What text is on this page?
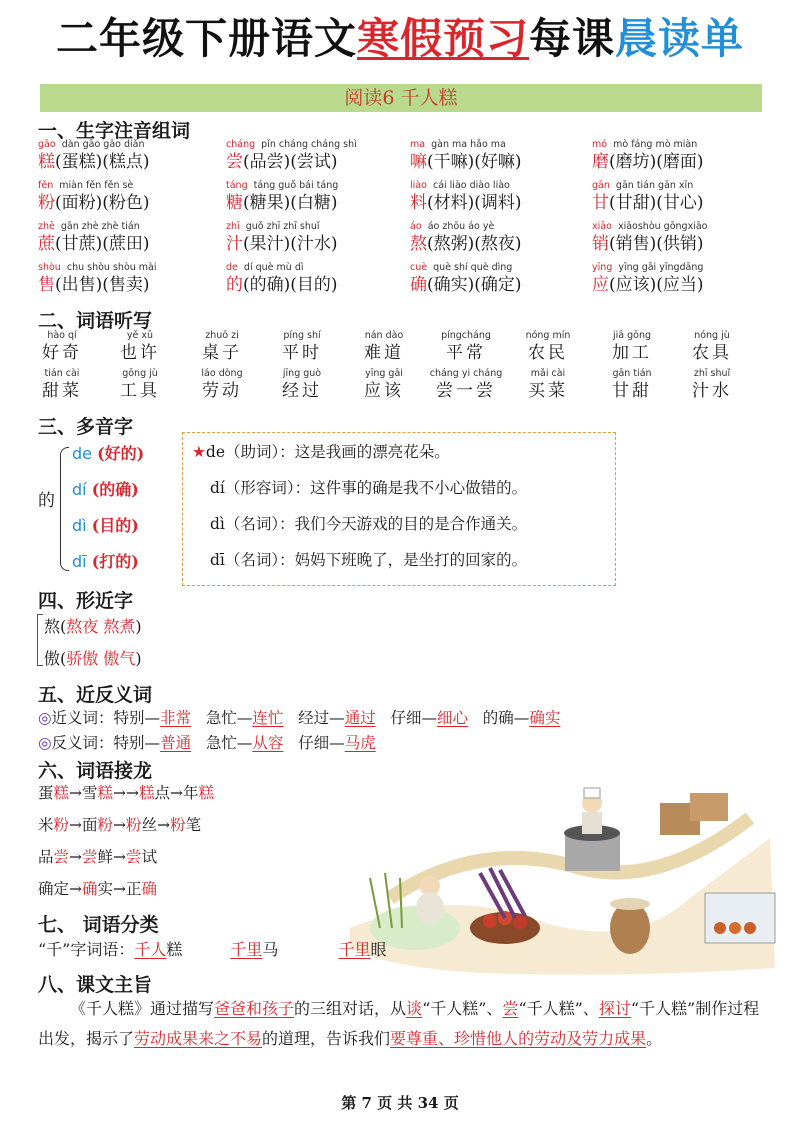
二年级下册语文寒假预习每课晨读单
阅读6 千人糕
一、生字注音组词
gāo dàn gāo gāo diǎn
糕(蛋糕)(糕点)
cháng pǐn cháng cháng shì
尝(品尝)(尝试)
ma gàn ma hǎo ma
嘛(干嘛)(好嘛)
mó mò fáng mò miàn
磨(磨坊)(磨面)
fěn miàn fěn fěn sè
粉(面粉)(粉色)
táng táng guǒ bái táng
糖(糖果)(白糖)
liào cái liào diào liào
料(材料)(调料)
gān gān tián gān xīn
甘(甘甜)(甘心)
zhè gān zhè zhè tián
蔗(甘蔗)(蔗田)
zhī guǒ zhī zhī shuǐ
汁(果汁)(汁水)
áo áo zhōu áo yè
熬(熬粥)(熬夜)
xiāo xiāoshòu gōngxiāo
销(销售)(供销)
shòu chu shòu shòu mài
售(出售)(售卖)
de dí què mù dì
的(的确)(目的)
cuè què shí què dìng
确(确实)(确定)
yīng yīng gāi yīngdāng
应(应该)(应当)
二、词语听写
hào qí
好奇
yě xǔ
也许
zhuō zi
桌子
píng shí
平时
nán dào
难道
píngcháng
平常
nóng mín
农民
jiā gōng
加工
nóng jù
农具
tián cài
甜菜
gōng jù
工具
láo dòng
劳动
jīng guò
经过
yīng gāi
应该
cháng yi cháng
尝一尝
mǎi cài
买菜
gān tián
甘甜
zhī shuǐ
汁水
三、多音字
的
de (好的)
dí (的确)
dì (目的)
dī (打的)
★de（助词）：这是我画的漂亮花朵。
dí（形容词）：这件事的确是我不小心做错的。
dì（名词）：我们今天游戏的目的是合作通关。
dī（名词）：妈妈下班晚了，是坐打的回家的。
四、形近字
熬(熬夜 熬煮)
傲(骄傲 傲气)
五、近反义词
◎近义词：特别—非常 急忙—连忙 经过—通过 仔细—细心 的确—确实
◎反义词：特别—普通 急忙—从容 仔细—马虎
六、词语接龙
蛋糕→雪糕→→糕点→年糕
米粉→面粉→粉丝→粉笔
品尝→尝鲜→尝试
确定→确实→正确
七、 词语分类
“千”字词语：千人糕	千里马	千里眼
八、课文主旨
《千人糕》通过描写爸爸和孩子的三组对话，从谈“千人糕”、尝“千人糕”、探讨“千人糕”制作过程出发，揭示了劳动成果来之不易的道理，告诉我们要尊重、珍惜他人的劳动及劳力成果。
第 7 页 共 34 页
